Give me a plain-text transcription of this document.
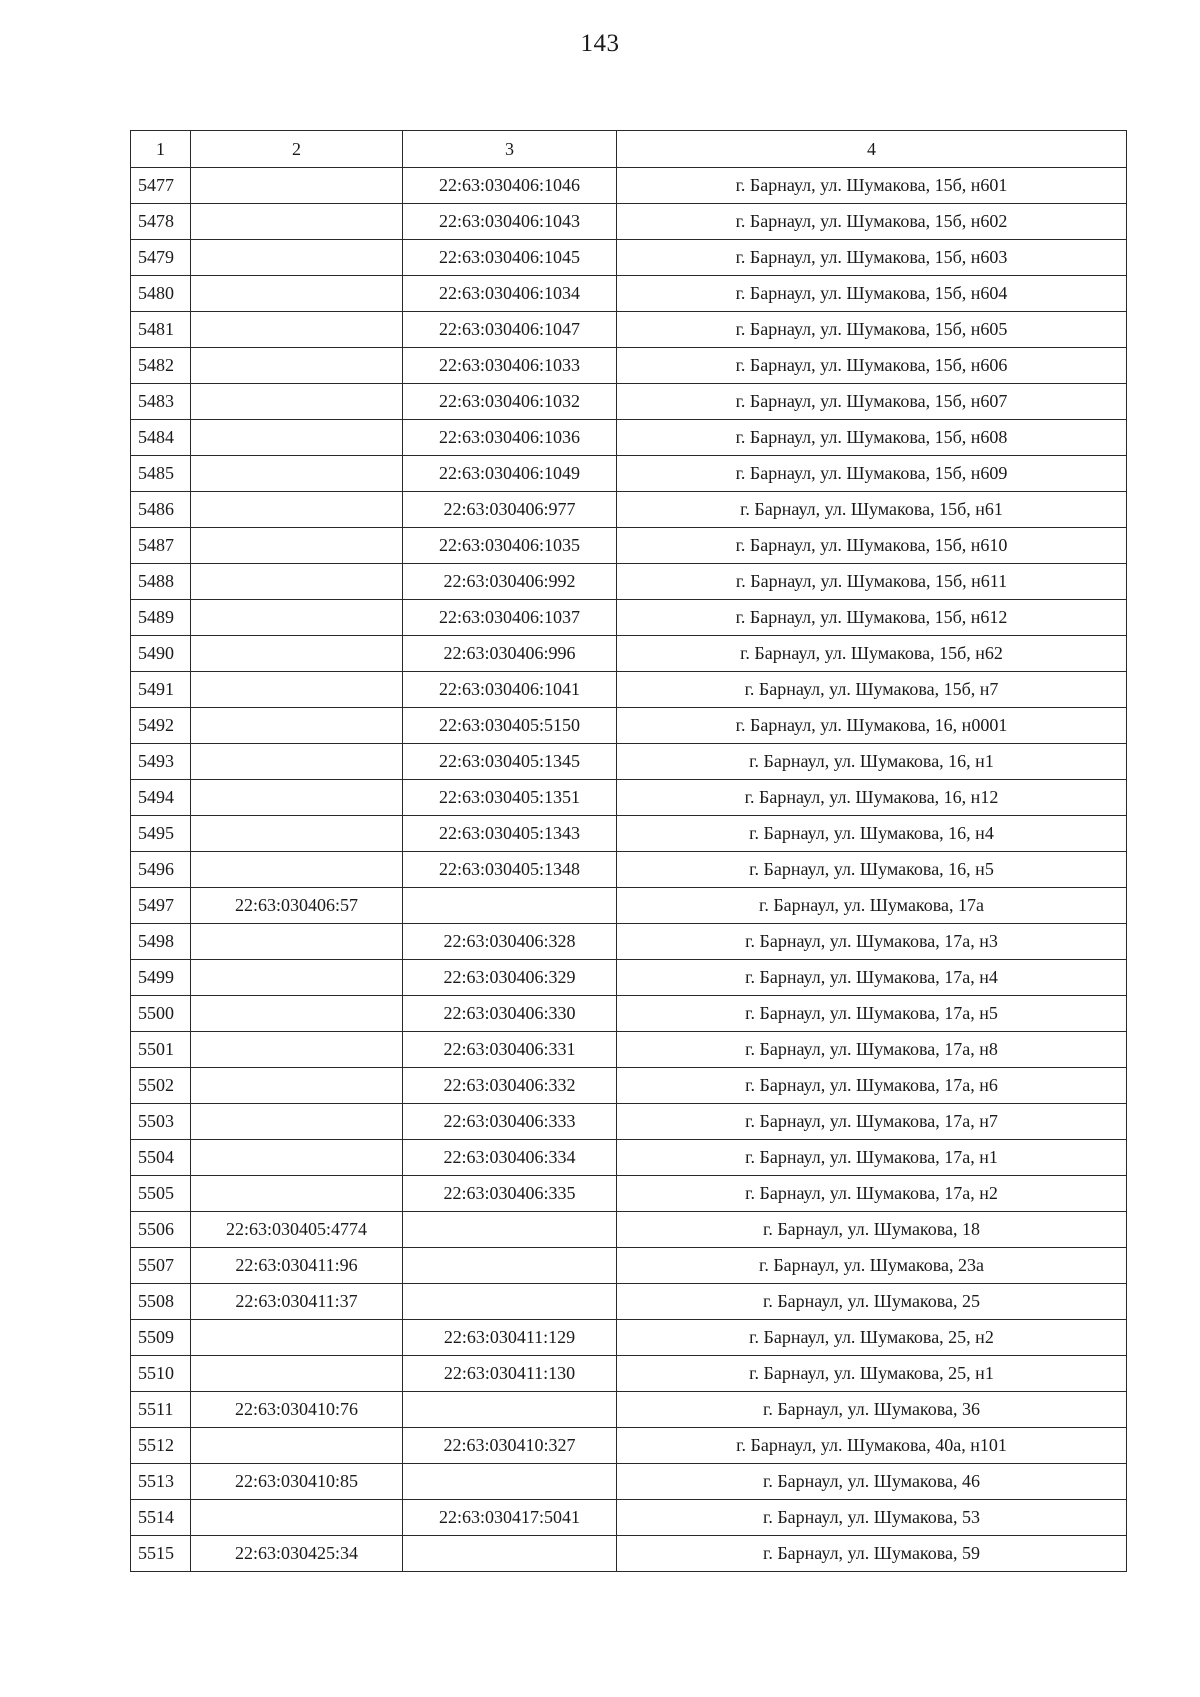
143
1	2	3	4
5477		22:63:030406:1046	г. Барнаул, ул. Шумакова, 15б, н601
5478		22:63:030406:1043	г. Барнаул, ул. Шумакова, 15б, н602
5479		22:63:030406:1045	г. Барнаул, ул. Шумакова, 15б, н603
5480		22:63:030406:1034	г. Барнаул, ул. Шумакова, 15б, н604
5481		22:63:030406:1047	г. Барнаул, ул. Шумакова, 15б, н605
5482		22:63:030406:1033	г. Барнаул, ул. Шумакова, 15б, н606
5483		22:63:030406:1032	г. Барнаул, ул. Шумакова, 15б, н607
5484		22:63:030406:1036	г. Барнаул, ул. Шумакова, 15б, н608
5485		22:63:030406:1049	г. Барнаул, ул. Шумакова, 15б, н609
5486		22:63:030406:977	г. Барнаул, ул. Шумакова, 15б, н61
5487		22:63:030406:1035	г. Барнаул, ул. Шумакова, 15б, н610
5488		22:63:030406:992	г. Барнаул, ул. Шумакова, 15б, н611
5489		22:63:030406:1037	г. Барнаул, ул. Шумакова, 15б, н612
5490		22:63:030406:996	г. Барнаул, ул. Шумакова, 15б, н62
5491		22:63:030406:1041	г. Барнаул, ул. Шумакова, 15б, н7
5492		22:63:030405:5150	г. Барнаул, ул. Шумакова, 16, н0001
5493		22:63:030405:1345	г. Барнаул, ул. Шумакова, 16, н1
5494		22:63:030405:1351	г. Барнаул, ул. Шумакова, 16, н12
5495		22:63:030405:1343	г. Барнаул, ул. Шумакова, 16, н4
5496		22:63:030405:1348	г. Барнаул, ул. Шумакова, 16, н5
5497	22:63:030406:57		г. Барнаул, ул. Шумакова, 17а
5498		22:63:030406:328	г. Барнаул, ул. Шумакова, 17а, н3
5499		22:63:030406:329	г. Барнаул, ул. Шумакова, 17а, н4
5500		22:63:030406:330	г. Барнаул, ул. Шумакова, 17а, н5
5501		22:63:030406:331	г. Барнаул, ул. Шумакова, 17а, н8
5502		22:63:030406:332	г. Барнаул, ул. Шумакова, 17а, н6
5503		22:63:030406:333	г. Барнаул, ул. Шумакова, 17а, н7
5504		22:63:030406:334	г. Барнаул, ул. Шумакова, 17а, н1
5505		22:63:030406:335	г. Барнаул, ул. Шумакова, 17а, н2
5506	22:63:030405:4774		г. Барнаул, ул. Шумакова, 18
5507	22:63:030411:96		г. Барнаул, ул. Шумакова, 23а
5508	22:63:030411:37		г. Барнаул, ул. Шумакова, 25
5509		22:63:030411:129	г. Барнаул, ул. Шумакова, 25, н2
5510		22:63:030411:130	г. Барнаул, ул. Шумакова, 25, н1
5511	22:63:030410:76		г. Барнаул, ул. Шумакова, 36
5512		22:63:030410:327	г. Барнаул, ул. Шумакова, 40а, н101
5513	22:63:030410:85		г. Барнаул, ул. Шумакова, 46
5514		22:63:030417:5041	г. Барнаул, ул. Шумакова, 53
5515	22:63:030425:34		г. Барнаул, ул. Шумакова, 59
